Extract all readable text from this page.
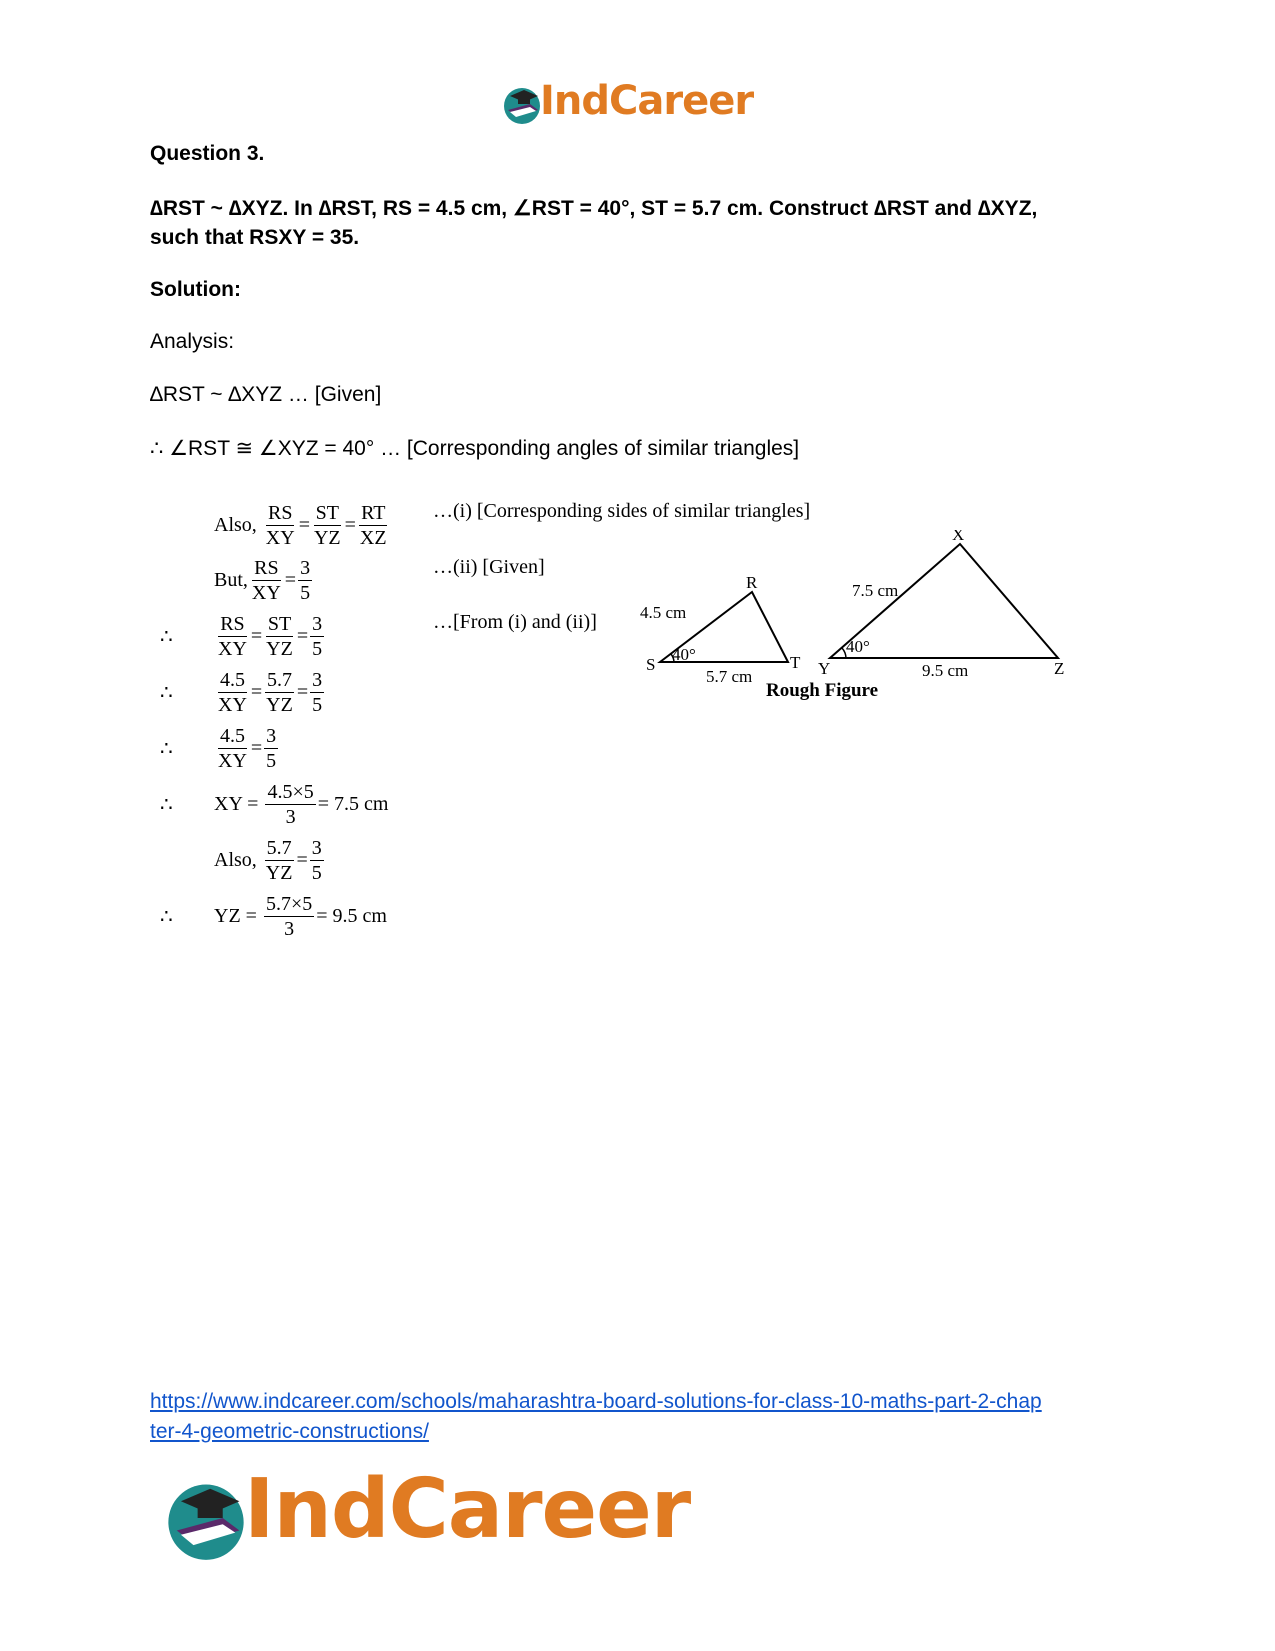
IndCareer
Question 3.
∆RST ~ ∆XYZ. In ∆RST, RS = 4.5 cm, ∠RST = 40°, ST = 5.7 cm. Construct ∆RST and ∆XYZ,
such that RSXY = 35.
Solution:
Analysis:
∆RST ~ ∆XYZ … [Given]
∴ ∠RST ≅ ∠XYZ = 40° … [Corresponding angles of similar triangles]
Also,
$\frac{RS}{XY} = \frac{ST}{YZ} = \frac{RT}{XZ}$ …(i) [Corresponding sides of similar triangles]
But, $\frac{RS}{XY} = \frac{3}{5}$	…(ii) [Given]
∴	$\frac{RS}{XY} = \frac{ST}{YZ} = \frac{3}{5}$	…[From (i) and (ii)]
∴	$\frac{4.5}{XY} = \frac{5.7}{YZ} = \frac{3}{5}$
∴	$\frac{4.5}{XY} = \frac{3}{5}$
∴	XY =
$\frac{4.5\times 5}{3} = 7.5$ cm
Also,
$\frac{5.7}{YZ} = \frac{3}{5}$
∴	YZ =
$\frac{5.7\times 5}{3} = 9.5$ cm
R
S	T
4.5 cm
5.7 cm
40°
X
Y	Z
7.5 cm
9.5 cm
40°
Rough Figure
https://www.indcareer.com/schools/maharashtra-board-solutions-for-class-10-maths-part-2-chap
ter-4-geometric-constructions/
IndCareer
